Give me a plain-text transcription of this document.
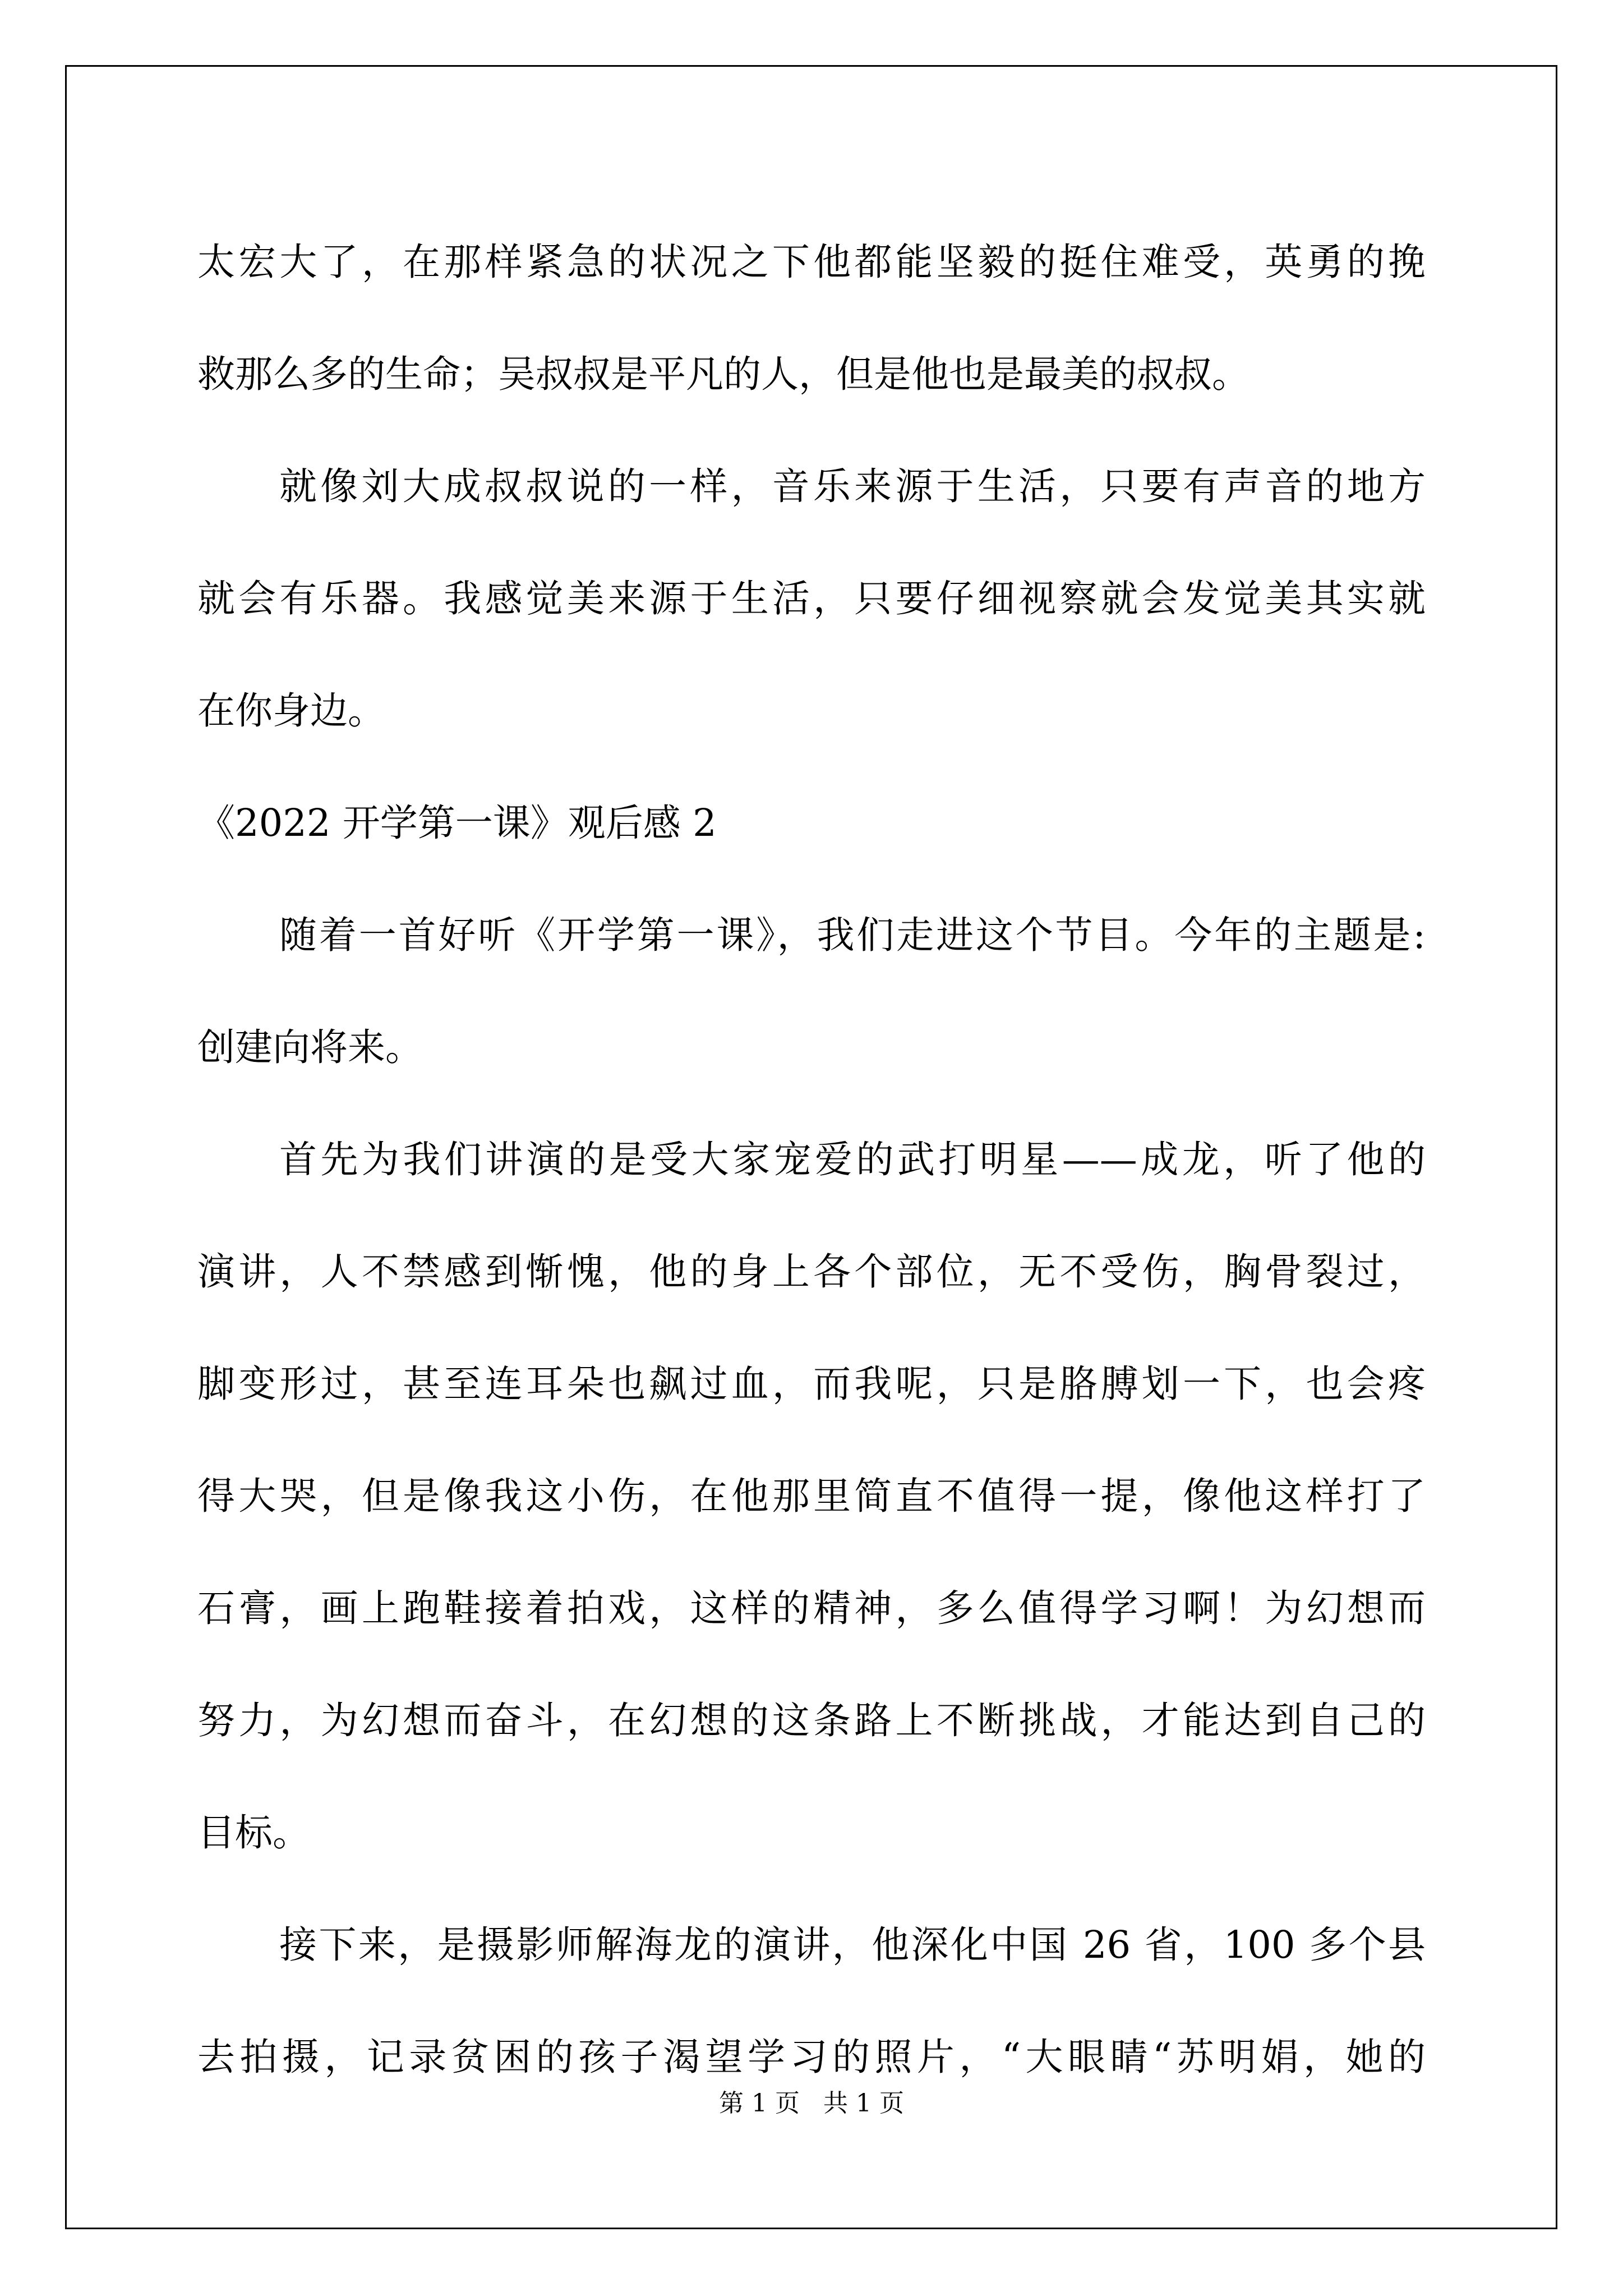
太宏大了，在那样紧急的状况之下他都能坚毅的挺住难受，英勇的挽
救那么多的生命；吴叔叔是平凡的人，但是他也是最美的叔叔。
就像刘大成叔叔说的一样，音乐来源于生活，只要有声音的地方
就会有乐器。我感觉美来源于生活，只要仔细视察就会发觉美其实就
在你身边。
《2022 开学第一课》观后感 2
随着一首好听《开学第一课》，我们走进这个节目。今年的主题是:
创建向将来。
首先为我们讲演的是受大家宠爱的武打明星——成龙，听了他的
演讲，人不禁感到惭愧，他的身上各个部位，无不受伤，胸骨裂过，
脚变形过，甚至连耳朵也飙过血，而我呢，只是胳膊划一下，也会疼
得大哭，但是像我这小伤，在他那里简直不值得一提，像他这样打了
石膏，画上跑鞋接着拍戏，这样的精神，多么值得学习啊！为幻想而
努力，为幻想而奋斗，在幻想的这条路上不断挑战，才能达到自己的
目标。
接下来，是摄影师解海龙的演讲，他深化中国 26 省，100 多个县
去拍摄，记录贫困的孩子渴望学习的照片，“大眼睛“苏明娟，她的
第 1 页   共 1 页
